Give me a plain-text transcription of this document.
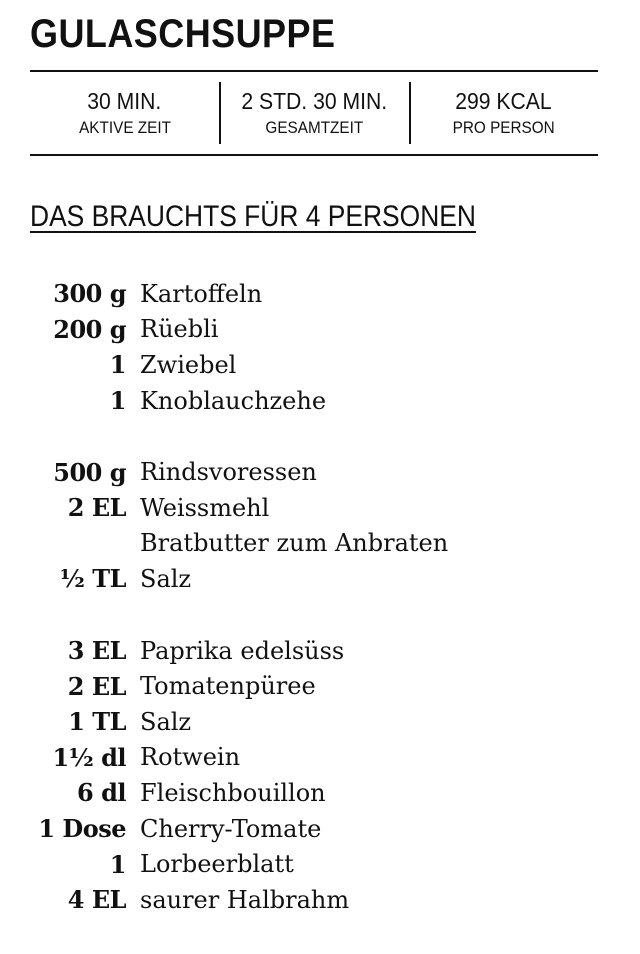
GULASCHSUPPE
30 MIN.
AKTIVE ZEIT
2 STD. 30 MIN.
GESAMTZEIT
299 KCAL
PRO PERSON
DAS BRAUCHTS FÜR 4 PERSONEN
300 g Kartoffeln
200 g Rüebli
1 Zwiebel
1 Knoblauchzehe
500 g Rindsvoressen
2 EL Weissmehl
Bratbutter zum Anbraten
½ TL Salz
3 EL Paprika edelsüss
2 EL Tomatenpüree
1 TL Salz
1½ dl Rotwein
6 dl Fleischbouillon
1 Dose Cherry-Tomate
1 Lorbeerblatt
4 EL saurer Halbrahm
